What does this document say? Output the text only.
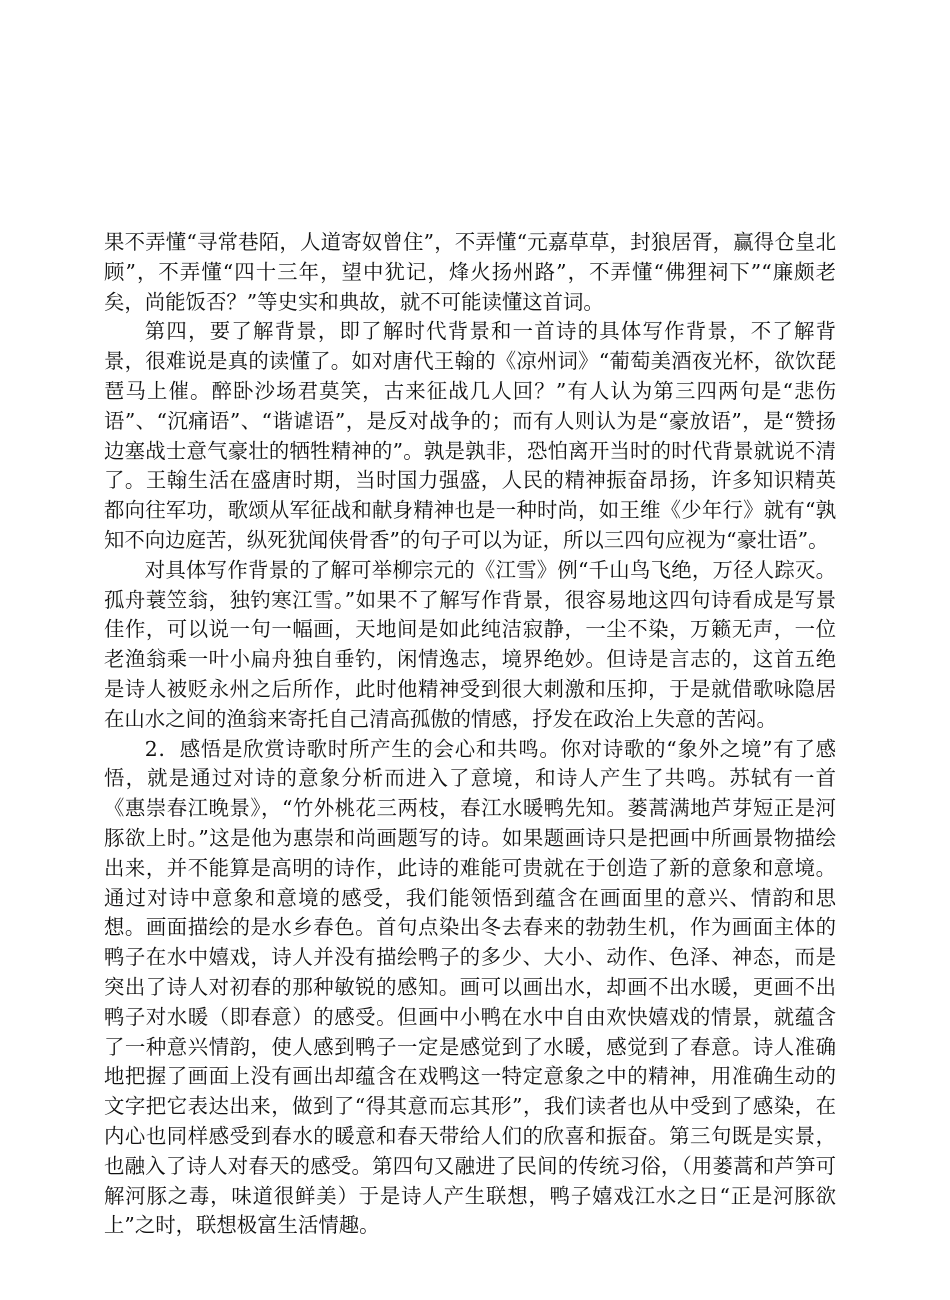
果不弄懂“寻常巷陌，人道寄奴曾住”，不弄懂“元嘉草草，封狼居胥，赢得仓皇北顾”，不弄懂“四十三年，望中犹记，烽火扬州路”，不弄懂“佛狸祠下”“廉颇老矣，尚能饭否？”等史实和典故，就不可能读懂这首词。

第四，要了解背景，即了解时代背景和一首诗的具体写作背景，不了解背景，很难说是真的读懂了。如对唐代王翰的《凉州词》“葡萄美酒夜光杯，欲饮琵琶马上催。醉卧沙场君莫笑，古来征战几人回？”有人认为第三四两句是“悲伤语”、“沉痛语”、“谐谑语”，是反对战争的；而有人则认为是“豪放语”，是“赞扬边塞战士意气豪壮的牺牲精神的”。孰是孰非，恐怕离开当时的时代背景就说不清了。王翰生活在盛唐时期，当时国力强盛，人民的精神振奋昂扬，许多知识精英都向往军功，歌颂从军征战和献身精神也是一种时尚，如王维《少年行》就有“孰知不向边庭苦，纵死犹闻侠骨香”的句子可以为证，所以三四句应视为“豪壮语”。

对具体写作背景的了解可举柳宗元的《江雪》例“千山鸟飞绝，万径人踪灭。孤舟蓑笠翁，独钓寒江雪。”如果不了解写作背景，很容易地这四句诗看成是写景佳作，可以说一句一幅画，天地间是如此纯洁寂静，一尘不染，万籁无声，一位老渔翁乘一叶小扁舟独自垂钓，闲情逸志，境界绝妙。但诗是言志的，这首五绝是诗人被贬永州之后所作，此时他精神受到很大刺激和压抑，于是就借歌咏隐居在山水之间的渔翁来寄托自己清高孤傲的情感，抒发在政治上失意的苦闷。

2．感悟是欣赏诗歌时所产生的会心和共鸣。你对诗歌的“象外之境”有了感悟，就是通过对诗的意象分析而进入了意境，和诗人产生了共鸣。苏轼有一首《惠崇春江晚景》，“竹外桃花三两枝，春江水暖鸭先知。蒌蒿满地芦芽短正是河豚欲上时。”这是他为惠崇和尚画题写的诗。如果题画诗只是把画中所画景物描绘出来，并不能算是高明的诗作，此诗的难能可贵就在于创造了新的意象和意境。通过对诗中意象和意境的感受，我们能领悟到蕴含在画面里的意兴、情韵和思想。画面描绘的是水乡春色。首句点染出冬去春来的勃勃生机，作为画面主体的鸭子在水中嬉戏，诗人并没有描绘鸭子的多少、大小、动作、色泽、神态，而是突出了诗人对初春的那种敏锐的感知。画可以画出水，却画不出水暖，更画不出鸭子对水暖（即春意）的感受。但画中小鸭在水中自由欢快嬉戏的情景，就蕴含了一种意兴情韵，使人感到鸭子一定是感觉到了水暖，感觉到了春意。诗人准确地把握了画面上没有画出却蕴含在戏鸭这一特定意象之中的精神，用准确生动的文字把它表达出来，做到了“得其意而忘其形”，我们读者也从中受到了感染，在内心也同样感受到春水的暖意和春天带给人们的欣喜和振奋。第三句既是实景，也融入了诗人对春天的感受。第四句又融进了民间的传统习俗，（用蒌蒿和芦笋可解河豚之毒，味道很鲜美）于是诗人产生联想，鸭子嬉戏江水之日“正是河豚欲上”之时，联想极富生活情趣。
